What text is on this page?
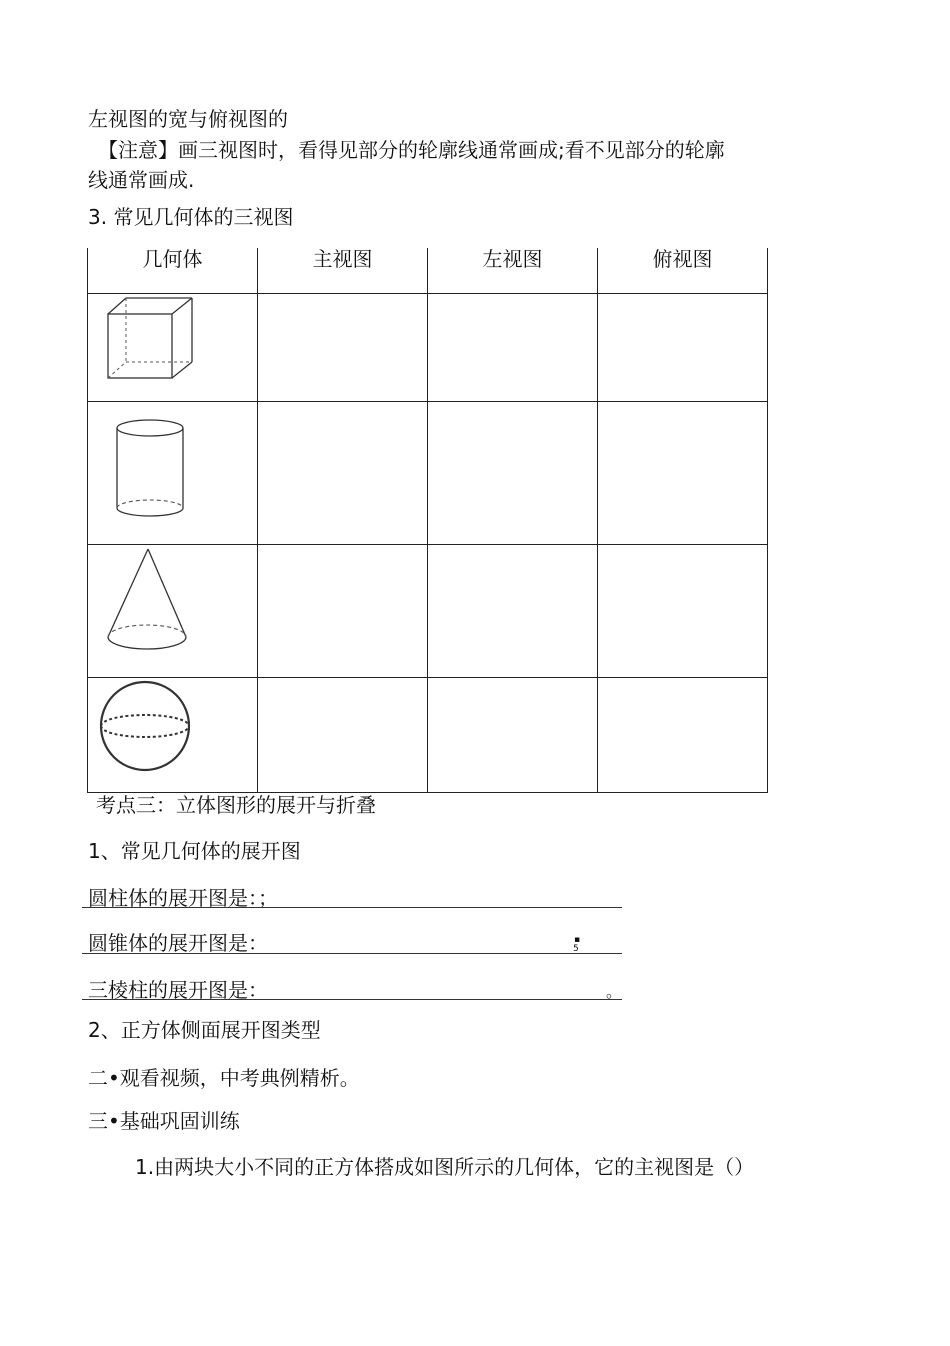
左视图的宽与俯视图的
【注意】画三视图时，看得见部分的轮廓线通常画成;看不见部分的轮廓
线通常画成.
3. 常见几何体的三视图
几何体	主视图	左视图	俯视图

考点三：立体图形的展开与折叠
1、常见几何体的展开图
圆柱体的展开图是：；
圆锥体的展开图是：	▪
5
三棱柱的展开图是：	。
2、正方体侧面展开图类型
二•观看视频，中考典例精析。
三•基础巩固训练
1.由两块大小不同的正方体搭成如图所示的几何体，它的主视图是（）
